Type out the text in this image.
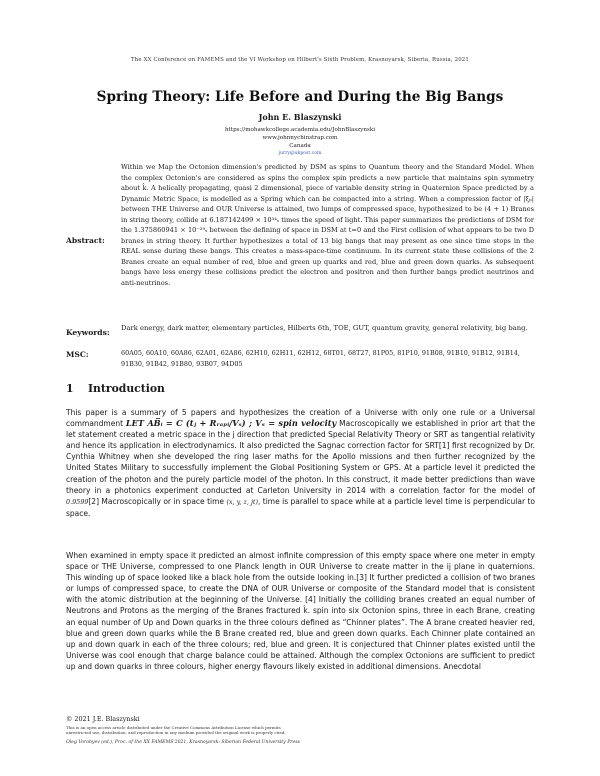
The XX Conference on FAMEMS and the VI Workshop on Hilbert's Sixth Problem, Krasnoyarsk, Siberia, Russia, 2021
Spring Theory: Life Before and During the Big Bangs
John E. Blaszynski
https://mohawkcollege.academia.edu/JohnBlaszynski
www.johnnychinstrap.com
Canada
jurry@ukpost.com
Abstract:
Within we Map the Octonion dimension's predicted by DSM as spins to Quantum theory and the Standard Model. When the complex Octonion's are considered as spins the complex spin predicts a new particle that maintains spin symmetry about k̂. A helically propagating, quasi 2 dimensional, piece of variable density string in Quaternion Space predicted by a Dynamic Metric Space, is modelled as a Spring which can be compacted into a string. When a compression factor of |ξₚ| between THE Universe and OUR Universe is attained, two lumps of compressed space, hypothesized to be (4 + 1) Branes in string theory, collide at 6.187142499 × 10³⁴ₛ times the speed of light. This paper summarizes the predictions of DSM for the 1.375860941 × 10⁻²⁹ₛ between the defining of space in DSM at t=0 and the First collision of what appears to be two D branes in string theory. It further hypothesizes a total of 13 big bangs that may present as one since time stops in the REAL sense during these bangs. This creates a mass-space-time continuum. In its current state these collisions of the 2 Branes create an equal number of red, blue and green up quarks and red, blue and green down quarks. As subsequent bangs have less energy these collisions predict the electron and positron and then further bangs predict neutrinos and anti-neutrinos.
Keywords: Dark energy, dark matter, elementary particles, Hilberts 6th, TOE, GUT, quantum gravity, general relativity, big bang.
MSC:	60A05, 60A10, 60A86, 62A01, 62A86, 62H10, 62H11, 62H12, 68T01, 68T27, 81P05, 81P10, 91B08, 91B10, 91B12, 91B14, 91B30, 91B42, 91B80, 93B07, 94D05
1 Introduction
This paper is a summary of 5 papers and hypothesizes the creation of a Universe with only one rule or a Universal commandment LET AB̅ᵢ = C (tⱼ + Rᵣₐₚᵢ/Vₛ) ; Vₛ = spin velocity Macroscopically we established in prior art that the let statement created a metric space in the j direction that predicted Special Relativity Theory or SRT as tangential relativity and hence its application in electrodynamics. It also predicted the Sagnac correction factor for SRT[1] first recognized by Dr. Cynthia Whitney when she developed the ring laser maths for the Apollo missions and then further recognized by the United States Military to successfully implement the Global Positioning System or GPS. At a particle level it predicted the creation of the photon and the purely particle model of the photon. In this construct, it made better predictions than wave theory in a photonics experiment conducted at Carleton University in 2014 with a correlation factor for the model of 0.9599[2] Macroscopically or in space time (x, y, z, jt), time is parallel to space while at a particle level time is perpendicular to space.
When examined in empty space it predicted an almost infinite compression of this empty space where one meter in empty space or THE Universe, compressed to one Planck length in OUR Universe to create matter in the ij plane in quaternions. This winding up of space looked like a black hole from the outside looking in.[3] It further predicted a collision of two branes or lumps of compressed space, to create the DNA of OUR Universe or composite of the Standard model that is consistent with the atomic distribution at the beginning of the Universe. [4] Initially the colliding branes created an equal number of Neutrons and Protons as the merging of the Branes fractured k̂. spin into six Octonion spins, three in each Brane, creating an equal number of Up and Down quarks in the three colours defined as “Chinner plates”. The A brane created heavier red, blue and green down quarks while the B Brane created red, blue and green down quarks. Each Chinner plate contained an up and down quark in each of the three colours; red, blue and green. It is conjectured that Chinner plates existed until the Universe was cool enough that charge balance could be attained. Although the complex Octonions are sufficient to predict up and down quarks in three colours, higher energy flavours likely existed in additional dimensions. Anecdotal
© 2021 J.E. Blaszynski
This is an open access article distributed under the Creative Commons Attribution License which permits
unrestricted use, distribution, and reproduction in any medium provided the original work is properly cited.
Oleg Vorobyev (ed.), Proc. of the XX FAMEMS'2021, Krasnoyarsk: Siberian Federal University Press
